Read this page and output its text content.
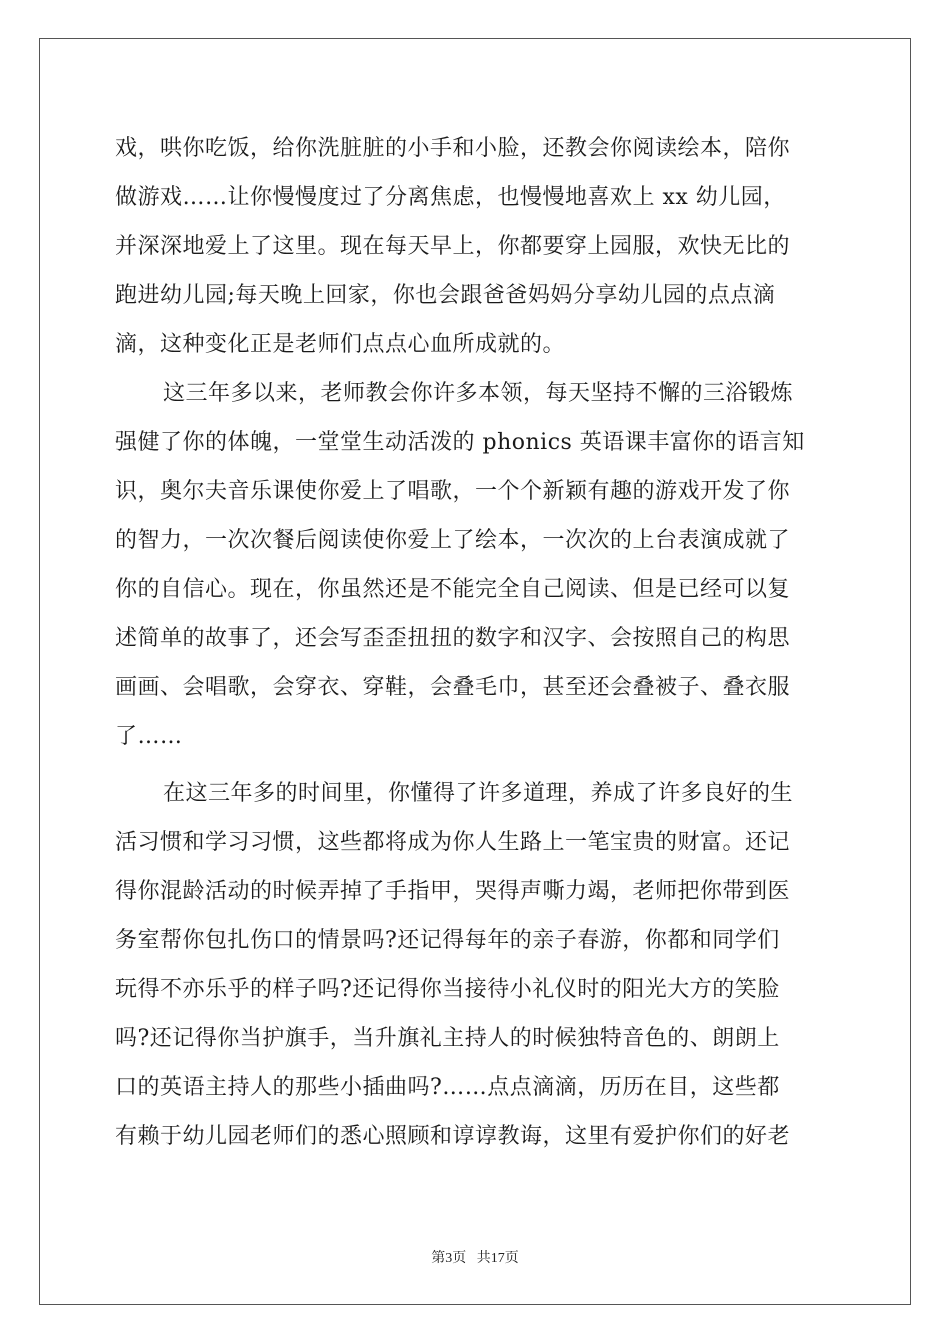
戏，哄你吃饭，给你洗脏脏的小手和小脸，还教会你阅读绘本，陪你
做游戏……让你慢慢度过了分离焦虑，也慢慢地喜欢上 xx 幼儿园，
并深深地爱上了这里。现在每天早上，你都要穿上园服，欢快无比的
跑进幼儿园;每天晚上回家，你也会跟爸爸妈妈分享幼儿园的点点滴
滴，这种变化正是老师们点点心血所成就的。

这三年多以来，老师教会你许多本领，每天坚持不懈的三浴锻炼
强健了你的体魄，一堂堂生动活泼的 phonics 英语课丰富你的语言知
识，奥尔夫音乐课使你爱上了唱歌，一个个新颖有趣的游戏开发了你
的智力，一次次餐后阅读使你爱上了绘本，一次次的上台表演成就了
你的自信心。现在，你虽然还是不能完全自己阅读、但是已经可以复
述简单的故事了，还会写歪歪扭扭的数字和汉字、会按照自己的构思
画画、会唱歌，会穿衣、穿鞋，会叠毛巾，甚至还会叠被子、叠衣服
了……

在这三年多的时间里，你懂得了许多道理，养成了许多良好的生
活习惯和学习习惯，这些都将成为你人生路上一笔宝贵的财富。还记
得你混龄活动的时候弄掉了手指甲，哭得声嘶力竭，老师把你带到医
务室帮你包扎伤口的情景吗?还记得每年的亲子春游，你都和同学们
玩得不亦乐乎的样子吗?还记得你当接待小礼仪时的阳光大方的笑脸
吗?还记得你当护旗手，当升旗礼主持人的时候独特音色的、朗朗上
口的英语主持人的那些小插曲吗?……点点滴滴，历历在目，这些都
有赖于幼儿园老师们的悉心照顾和谆谆教诲，这里有爱护你们的好老

第3页 共17页
